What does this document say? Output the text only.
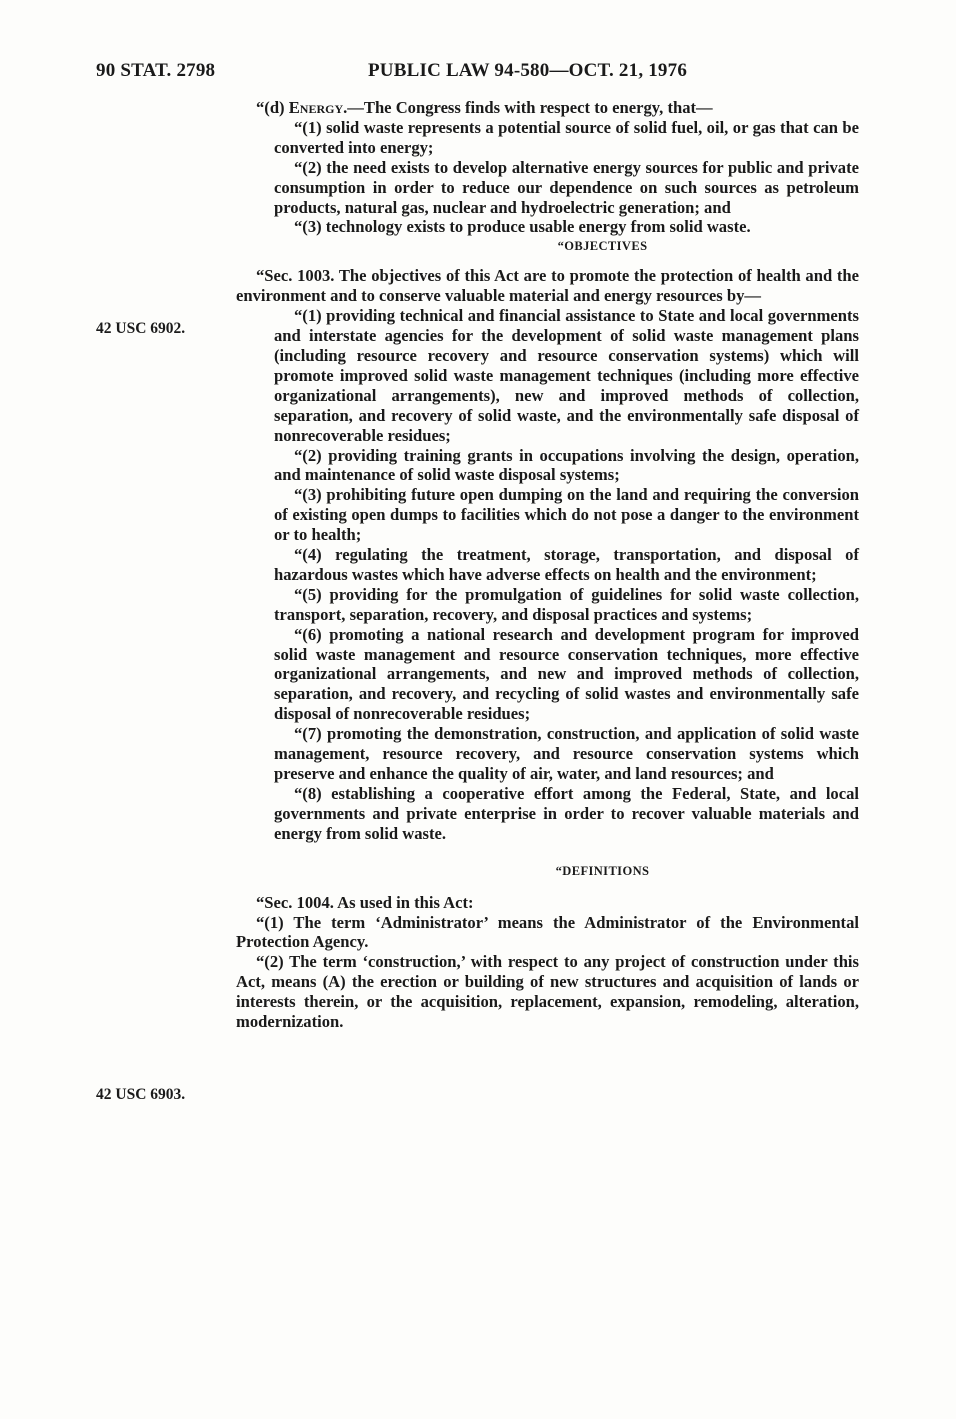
90 STAT. 2798	PUBLIC LAW 94-580—OCT. 21, 1976
42 USC 6902.
42 USC 6903.

“(d) Energy.—The Congress finds with respect to energy, that—

“(1) solid waste represents a potential source of solid fuel, oil, or gas that can be converted into energy;

“(2) the need exists to develop alternative energy sources for public and private consumption in order to reduce our dependence on such sources as petroleum products, natural gas, nuclear and hydroelectric generation; and

“(3) technology exists to produce usable energy from solid waste.

“OBJECTIVES

“Sec. 1003. The objectives of this Act are to promote the protection of health and the environment and to conserve valuable material and energy resources by—

“(1) providing technical and financial assistance to State and local governments and interstate agencies for the development of solid waste management plans (including resource recovery and resource conservation systems) which will promote improved solid waste management techniques (including more effective organizational arrangements), new and improved methods of collection, separation, and recovery of solid waste, and the environmentally safe disposal of nonrecoverable residues;

“(2) providing training grants in occupations involving the design, operation, and maintenance of solid waste disposal systems;

“(3) prohibiting future open dumping on the land and requiring the conversion of existing open dumps to facilities which do not pose a danger to the environment or to health;

“(4) regulating the treatment, storage, transportation, and disposal of hazardous wastes which have adverse effects on health and the environment;

“(5) providing for the promulgation of guidelines for solid waste collection, transport, separation, recovery, and disposal practices and systems;

“(6) promoting a national research and development program for improved solid waste management and resource conservation techniques, more effective organizational arrangements, and new and improved methods of collection, separation, and recovery, and recycling of solid wastes and environmentally safe disposal of nonrecoverable residues;

“(7) promoting the demonstration, construction, and application of solid waste management, resource recovery, and resource conservation systems which preserve and enhance the quality of air, water, and land resources; and

“(8) establishing a cooperative effort among the Federal, State, and local governments and private enterprise in order to recover valuable materials and energy from solid waste.

“DEFINITIONS

“Sec. 1004. As used in this Act:

“(1) The term ‘Administrator’ means the Administrator of the Environmental Protection Agency.

“(2) The term ‘construction,’ with respect to any project of construction under this Act, means (A) the erection or building of new structures and acquisition of lands or interests therein, or the acquisition, replacement, expansion, remodeling, alteration, modernization.
